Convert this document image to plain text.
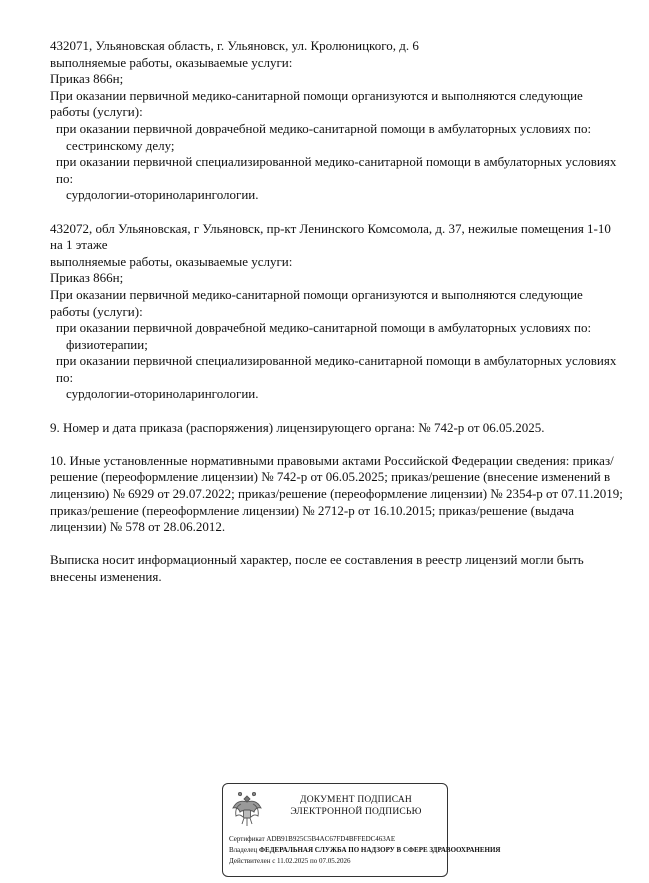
432071, Ульяновская область, г. Ульяновск, ул. Кролюницкого, д. 6

выполняемые работы, оказываемые услуги:

Приказ 866н;

При оказании первичной медико-санитарной помощи организуются и выполняются следующие работы (услуги):

при оказании первичной доврачебной медико-санитарной помощи в амбулаторных условиях по:

сестринскому делу;

при оказании первичной специализированной медико-санитарной помощи в амбулаторных условиях по:

сурдологии-оториноларингологии.

432072, обл Ульяновская, г Ульяновск, пр-кт Ленинского Комсомола, д. 37, нежилые помещения 1-10 на 1 этаже

выполняемые работы, оказываемые услуги:

Приказ 866н;

При оказании первичной медико-санитарной помощи организуются и выполняются следующие работы (услуги):

при оказании первичной доврачебной медико-санитарной помощи в амбулаторных условиях по:

физиотерапии;

при оказании первичной специализированной медико-санитарной помощи в амбулаторных условиях по:

сурдологии-оториноларингологии.

9. Номер и дата приказа (распоряжения) лицензирующего органа: № 742-р от 06.05.2025.

10. Иные установленные нормативными правовыми актами Российской Федерации сведения: приказ/решение (переоформление лицензии) № 742-р от 06.05.2025; приказ/решение (внесение изменений в лицензию) № 6929 от 29.07.2022; приказ/решение (переоформление лицензии) № 2354-р от 07.11.2019; приказ/решение (переоформление лицензии) № 2712-р от 16.10.2015; приказ/решение (выдача лицензии) № 578 от 28.06.2012.

Выписка носит информационный характер, после ее составления в реестр лицензий могли быть внесены изменения.

ДОКУМЕНТ ПОДПИСАН
ЭЛЕКТРОННОЙ ПОДПИСЬЮ
Сертификат ADB91B925C5B4AC67FD4BFFEDC463AE
Владелец ФЕДЕРАЛЬНАЯ СЛУЖБА ПО НАДЗОРУ В СФЕРЕ ЗДРАВООХРАНЕНИЯ
Действителен с 11.02.2025 по 07.05.2026
